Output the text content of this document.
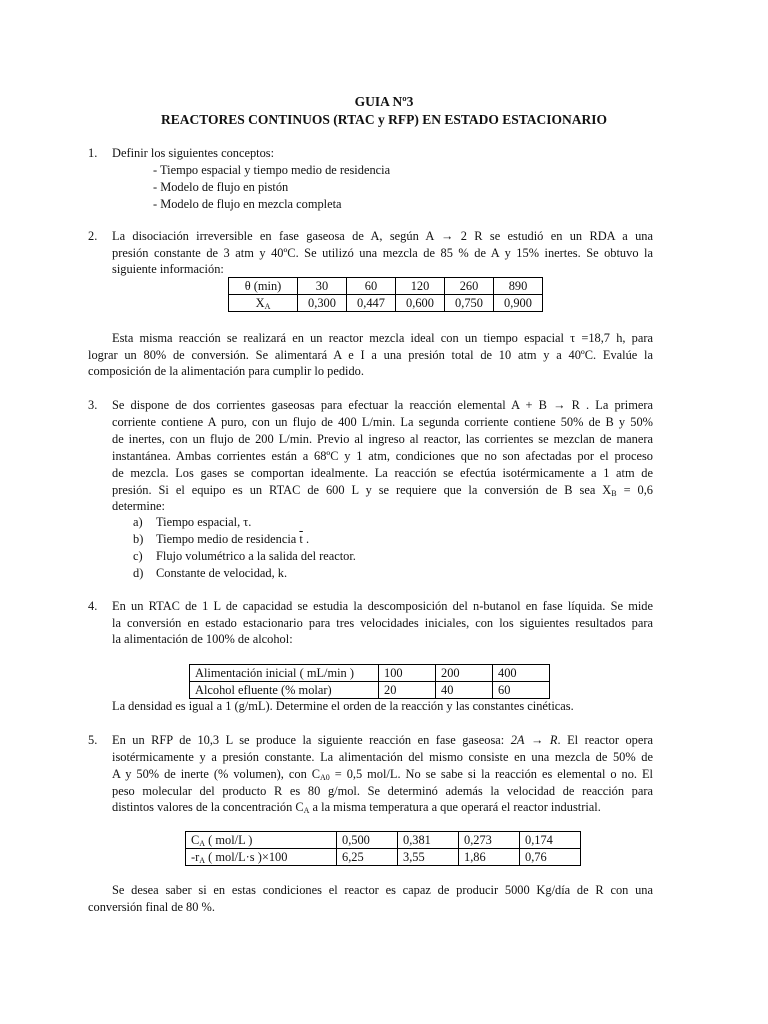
GUIA Nº3
REACTORES CONTINUOS (RTAC y RFP) EN ESTADO ESTACIONARIO
1. Definir los siguientes conceptos:
- Tiempo espacial y tiempo medio de residencia
- Modelo de flujo en pistón
- Modelo de flujo en mezcla completa
2. La disociación irreversible en fase gaseosa de A, según A → 2 R se estudió en un RDA a una
presión constante de 3 atm y 40ºC. Se utilizó una mezcla de 85 % de A y 15% inertes. Se obtuvo la
siguiente información:
θ (min)	30	60	120	260	890
$X_A$	0,300	0,447	0,600	0,750	0,900
Esta misma reacción se realizará en un reactor mezcla ideal con un tiempo espacial τ =18,7 h, para
lograr un 80% de conversión. Se alimentará A e I a una presión total de 10 atm y a 40ºC. Evalúe la
composición de la alimentación para cumplir lo pedido.
3. Se dispone de dos corrientes gaseosas para efectuar la reacción elemental A + B → R . La primera
corriente contiene A puro, con un flujo de 400 L/min. La segunda corriente contiene 50% de B y 50%
de inertes, con un flujo de 200 L/min. Previo al ingreso al reactor, las corrientes se mezclan de manera
instantánea. Ambas corrientes están a 68ºC y 1 atm, condiciones que no son afectadas por el proceso
de mezcla. Los gases se comportan idealmente. La reacción se efectúa isotérmicamente a 1 atm de
presión. Si el equipo es un RTAC de 600 L y se requiere que la conversión de B sea $X_B = 0,6$
determine:
a) Tiempo espacial, τ.
b) Tiempo medio de residencia $\overline{t}$ .
c) Flujo volumétrico a la salida del reactor.
d) Constante de velocidad, k.
4. En un RTAC de 1 L de capacidad se estudia la descomposición del n-butanol en fase líquida. Se mide
la conversión en estado estacionario para tres velocidades iniciales, con los siguientes resultados para
la alimentación de 100% de alcohol:
Alimentación inicial ( mL/min )	100	200	400
Alcohol efluente (% molar)	20	40	60
La densidad es igual a 1 (g/mL). Determine el orden de la reacción y las constantes cinéticas.
5. En un RFP de 10,3 L se produce la siguiente reacción en fase gaseosa: 2A → R. El reactor opera
isotérmicamente y a presión constante. La alimentación del mismo consiste en una mezcla de 50% de
A y 50% de inerte (% volumen), con $C_{A0} = 0,5$ mol/L. No se sabe si la reacción es elemental o no. El
peso molecular del producto R es 80 g/mol. Se determinó además la velocidad de reacción para
distintos valores de la concentración $C_A$ a la misma temperatura a que operará el reactor industrial.
$C_A$ ( mol/L )	0,500	0,381	0,273	0,174
$-r_A$ ( mol/L·s )×100	6,25	3,55	1,86	0,76
Se desea saber si en estas condiciones el reactor es capaz de producir 5000 Kg/día de R con una
conversión final de 80 %.
